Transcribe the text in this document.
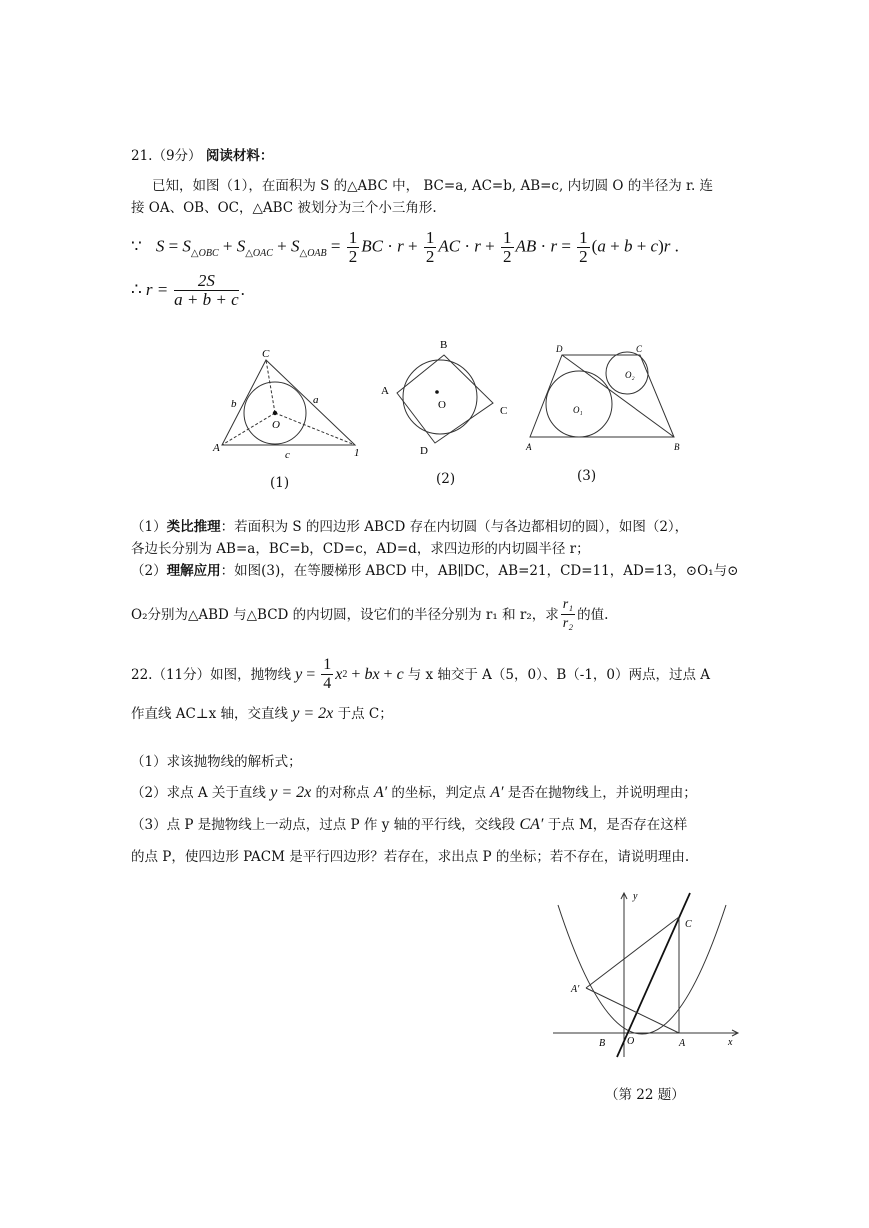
21.（9分） 阅读材料：
已知，如图（1），在面积为 S 的△ABC 中， BC=a, AC=b, AB=c, 内切圆 O 的半径为 r. 连
接 OA、OB、OC，△ABC 被划分为三个小三角形.
∵ $S = S_{\triangle OBC} + S_{\triangle OAC} + S_{\triangle OAB} = \frac{1}{2}$ BC · $r + \frac{1}{2}$ AC · $r + \frac{1}{2}$ AB · $r = \frac{1}{2} (a + b + c)r$ .
∴ $r = \frac{2S}{a + b + c}$ .
C
a
b
c
O
A	1
B
A
C
D
O
D	C
A	B
O₁
O₂
(1)	(2)	(3)
（1）类比推理：若面积为 S 的四边形 ABCD 存在内切圆（与各边都相切的圆），如图（2），
各边长分别为 AB=a，BC=b，CD=c，AD=d，求四边形的内切圆半径 r；
（2）理解应用：如图(3)，在等腰梯形 ABCD 中，AB∥DC，AB=21，CD=11，AD=13，⊙O₁与⊙
O₂分别为△ABD 与△BCD 的内切圆，设它们的半径分别为 r₁ 和 r₂，求 $\frac{\text{r₁}}{\text{r₂}}$ 的值.
22.（11分）如图，抛物线 $y = \frac{1}{4}$ x 2 + bx + c 与 x 轴交于 A（5，0）、B（-1，0）两点，过点 A
作直线 AC⊥x 轴，交直线 y = 2x 于点 C；
（1）求该抛物线的解析式；
（2）求点 A 关于直线 y = 2x 的对称点 A′ 的坐标，判定点 A′ 是否在抛物线上，并说明理由；
（3）点 P 是抛物线上一动点，过点 P 作 y 轴的平行线，交线段 CA′ 于点 M，是否存在这样
的点 P，使四边形 PACM 是平行四边形？若存在，求出点 P 的坐标；若不存在，请说明理由.
y
x
C
A′
B O	A
（第 22 题）
